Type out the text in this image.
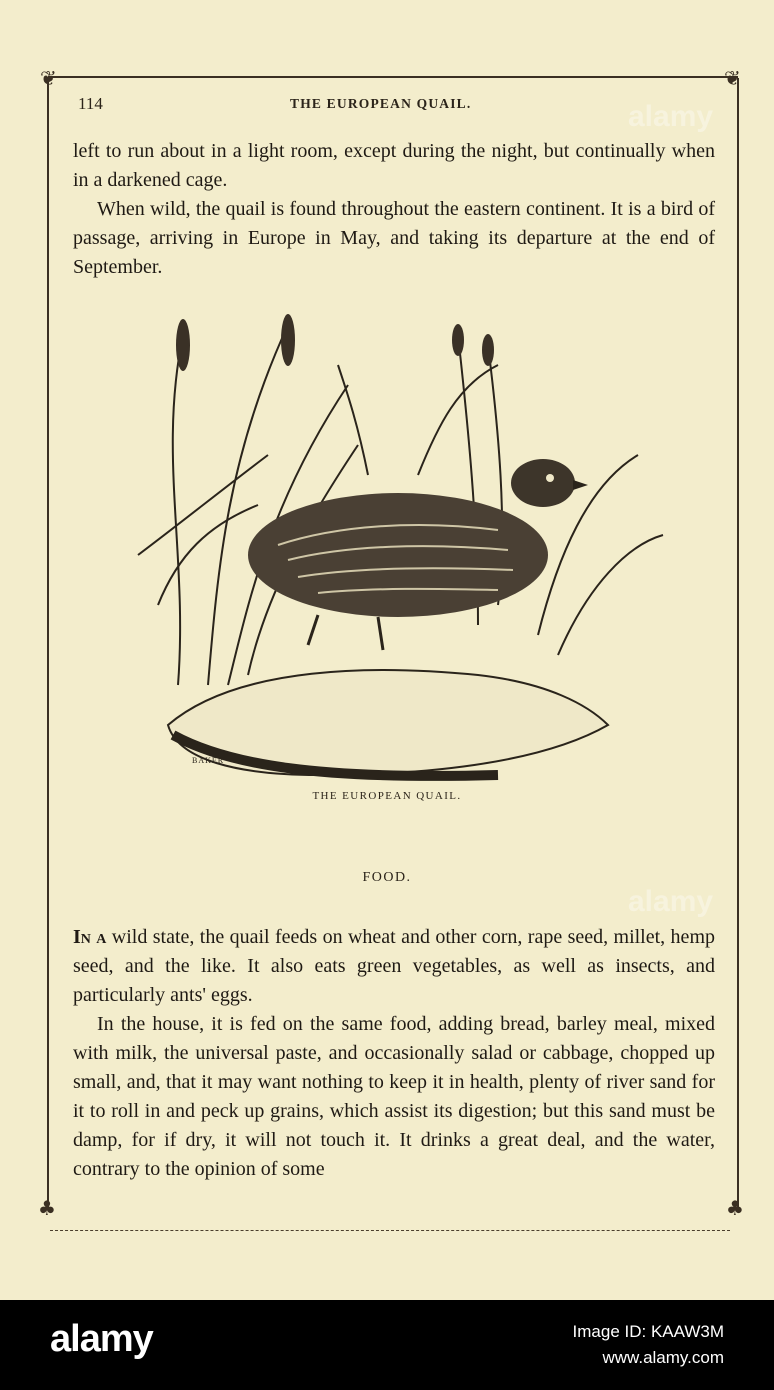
❦	❦
♣	♣
114	THE EUROPEAN QUAIL.

left to run about in a light room, except during the night, but continually when in a darkened cage.

When wild, the quail is found throughout the eastern continent. It is a bird of passage, arriving in Europe in May, and taking its departure at the end of September.

BAKER
THE EUROPEAN QUAIL.
FOOD.

In a wild state, the quail feeds on wheat and other corn, rape seed, millet, hemp seed, and the like. It also eats green vegetables, as well as insects, and particularly ants' eggs.

In the house, it is fed on the same food, adding bread, barley meal, mixed with milk, the universal paste, and occasionally salad or cabbage, chopped up small, and, that it may want nothing to keep it in health, plenty of river sand for it to roll in and peck up grains, which assist its digestion; but this sand must be damp, for if dry, it will not touch it. It drinks a great deal, and the water, contrary to the opinion of some

alamy
alamy
alamy	Image ID: KAAW3M
www.alamy.com
